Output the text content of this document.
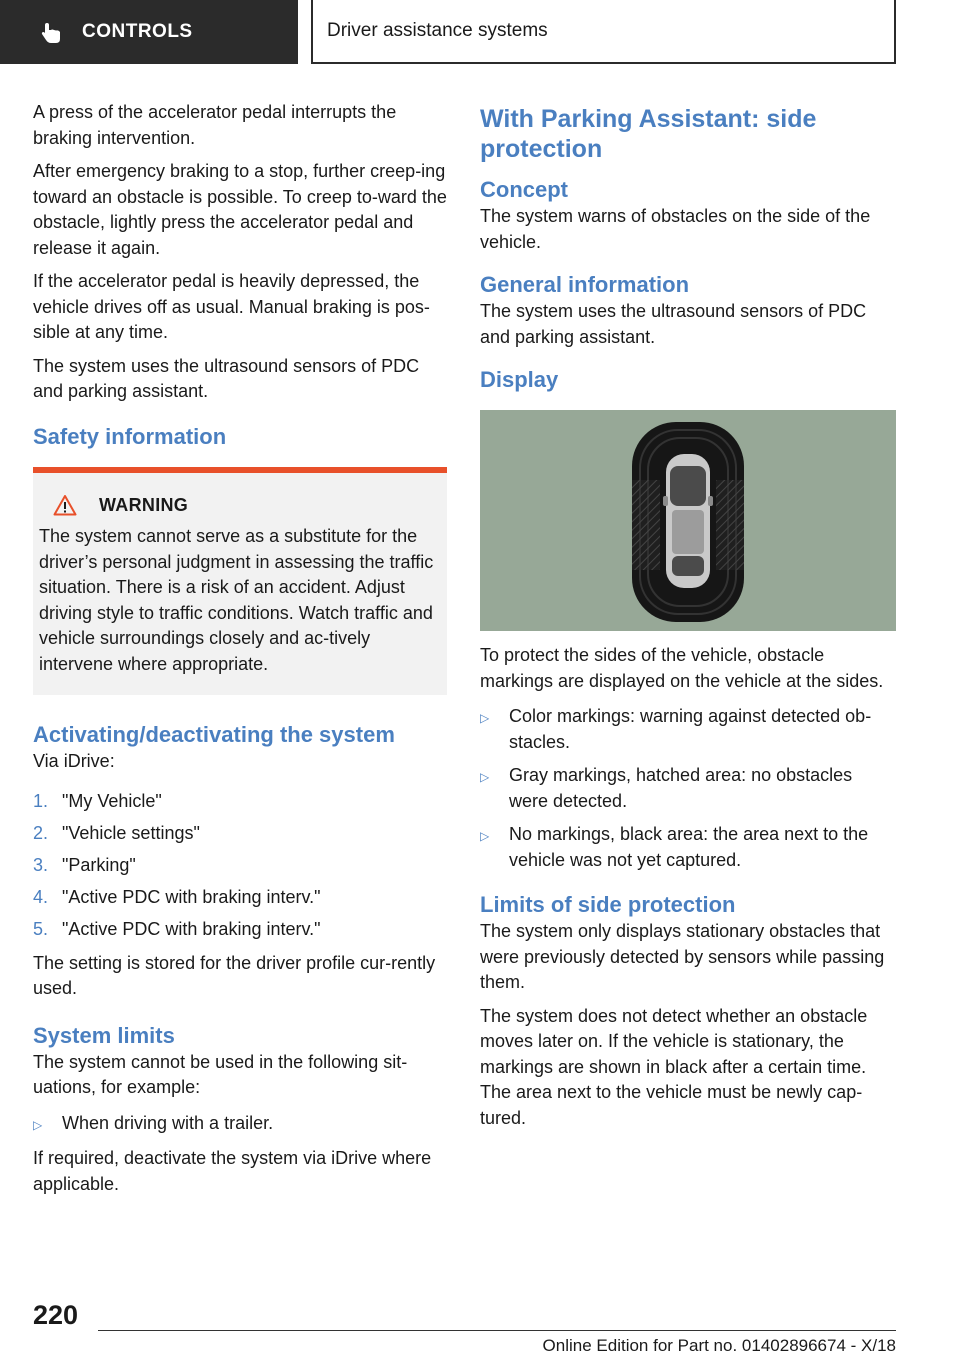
CONTROLS	Driver assistance systems

A press of the accelerator pedal interrupts the braking intervention.

After emergency braking to a stop, further creep-ing toward an obstacle is possible. To creep to-ward the obstacle, lightly press the accelerator pedal and release it again.

If the accelerator pedal is heavily depressed, the vehicle drives off as usual. Manual braking is pos-sible at any time.

The system uses the ultrasound sensors of PDC and parking assistant.

Safety information
WARNING
The system cannot serve as a substitute for the driver’s personal judgment in assessing the traffic situation. There is a risk of an accident. Adjust driving style to traffic conditions. Watch traffic and vehicle surroundings closely and ac-tively intervene where appropriate.
Activating/deactivating the system

Via iDrive:

1. "My Vehicle"
2. "Vehicle settings"
3. "Parking"
4. "Active PDC with braking interv."
5. "Active PDC with braking interv."

The setting is stored for the driver profile cur-rently used.

System limits

The system cannot be used in the following sit-uations, for example:

▷	When driving with a trailer.

If required, deactivate the system via iDrive where applicable.

With Parking Assistant: side protection
Concept

The system warns of obstacles on the side of the vehicle.

General information

The system uses the ultrasound sensors of PDC and parking assistant.

Display

To protect the sides of the vehicle, obstacle markings are displayed on the vehicle at the sides.

▷	Color markings: warning against detected ob-stacles.
▷	Gray markings, hatched area: no obstacles were detected.
▷	No markings, black area: the area next to the vehicle was not yet captured.
Limits of side protection

The system only displays stationary obstacles that were previously detected by sensors while passing them.

The system does not detect whether an obstacle moves later on. If the vehicle is stationary, the markings are shown in black after a certain time. The area next to the vehicle must be newly cap-tured.

220
Online Edition for Part no. 01402896674 - X/18
